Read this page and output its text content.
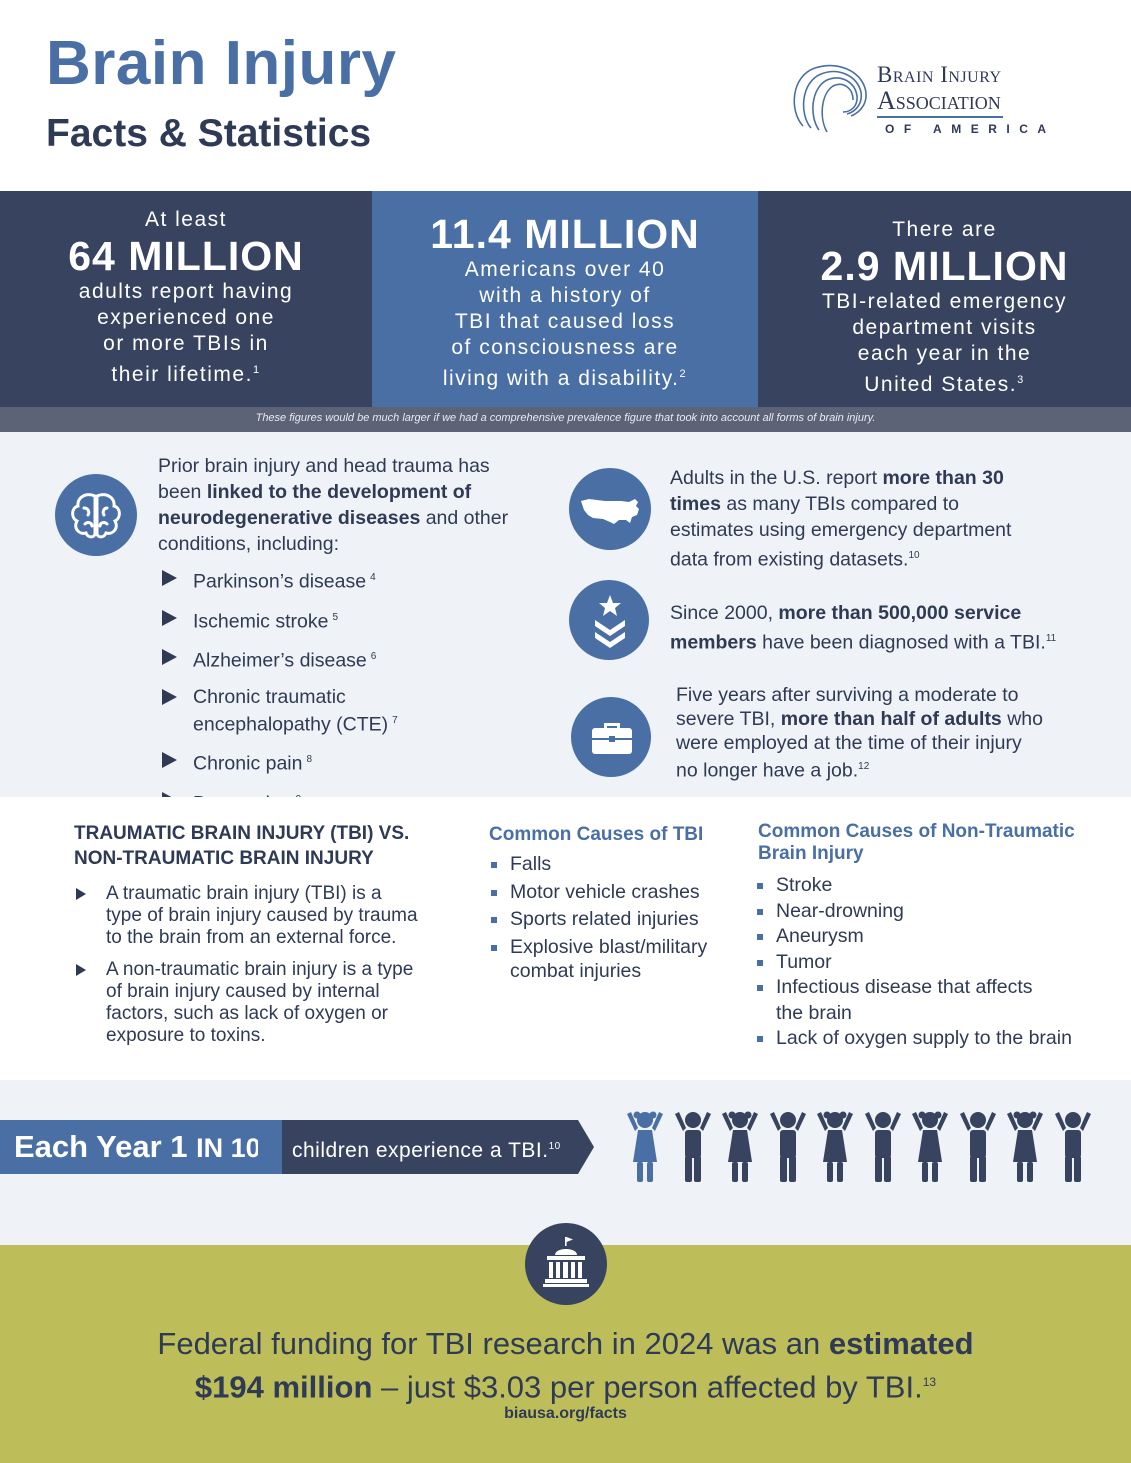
Brain Injury
Facts & Statistics
Brain Injury
Association
OF AMERICA
At least
64 MILLION
adults report having
experienced one
or more TBIs in
their lifetime.$^1$
11.4 MILLION
Americans over 40
with a history of
TBI that caused loss
of consciousness are
living with a disability.$^2$
There are
2.9 MILLION
TBI-related emergency
department visits
each year in the
United States.$^3$
These figures would be much larger if we had a comprehensive prevalence figure that took into account all forms of brain injury.
Prior brain injury and head trauma has
been linked to the development of
neurodegenerative diseases and other
conditions, including:
Parkinson’s disease $^4$
Ischemic stroke $^5$
Alzheimer’s disease $^6$
Chronic traumatic
encephalopathy (CTE) $^7$
Chronic pain $^8$
Adults in the U.S. report more than 30
times as many TBIs compared to
estimates using emergency department
data from existing datasets.$^{10}$
Since 2000, more than 500,000 service
members have been diagnosed with a TBI.$^{11}$
Five years after surviving a moderate to
severe TBI, more than half of adults who
were employed at the time of their injury
no longer have a job.$^{12}$
TRAUMATIC BRAIN INJURY (TBI) VS.
NON-TRAUMATIC BRAIN INJURY
A traumatic brain injury (TBI) is a
type of brain injury caused by trauma
to the brain from an external force.
A non-traumatic brain injury is a type
of brain injury caused by internal
factors, such as lack of oxygen or
exposure to toxins.
Common Causes of TBI
Falls
Motor vehicle crashes
Sports related injuries
Explosive blast/military
combat injuries
Common Causes of Non-Traumatic
Brain Injury
Stroke
Near-drowning
Aneurysm
Tumor
Infectious disease that affects
the brain
Lack of oxygen supply to the brain
Each Year 1 IN 10	children experience a TBI.$^{10}$
Federal funding for TBI research in 2024 was an estimated
$194 million – just $3.03 per person affected by TBI.$^{13}$
biausa.org/facts
